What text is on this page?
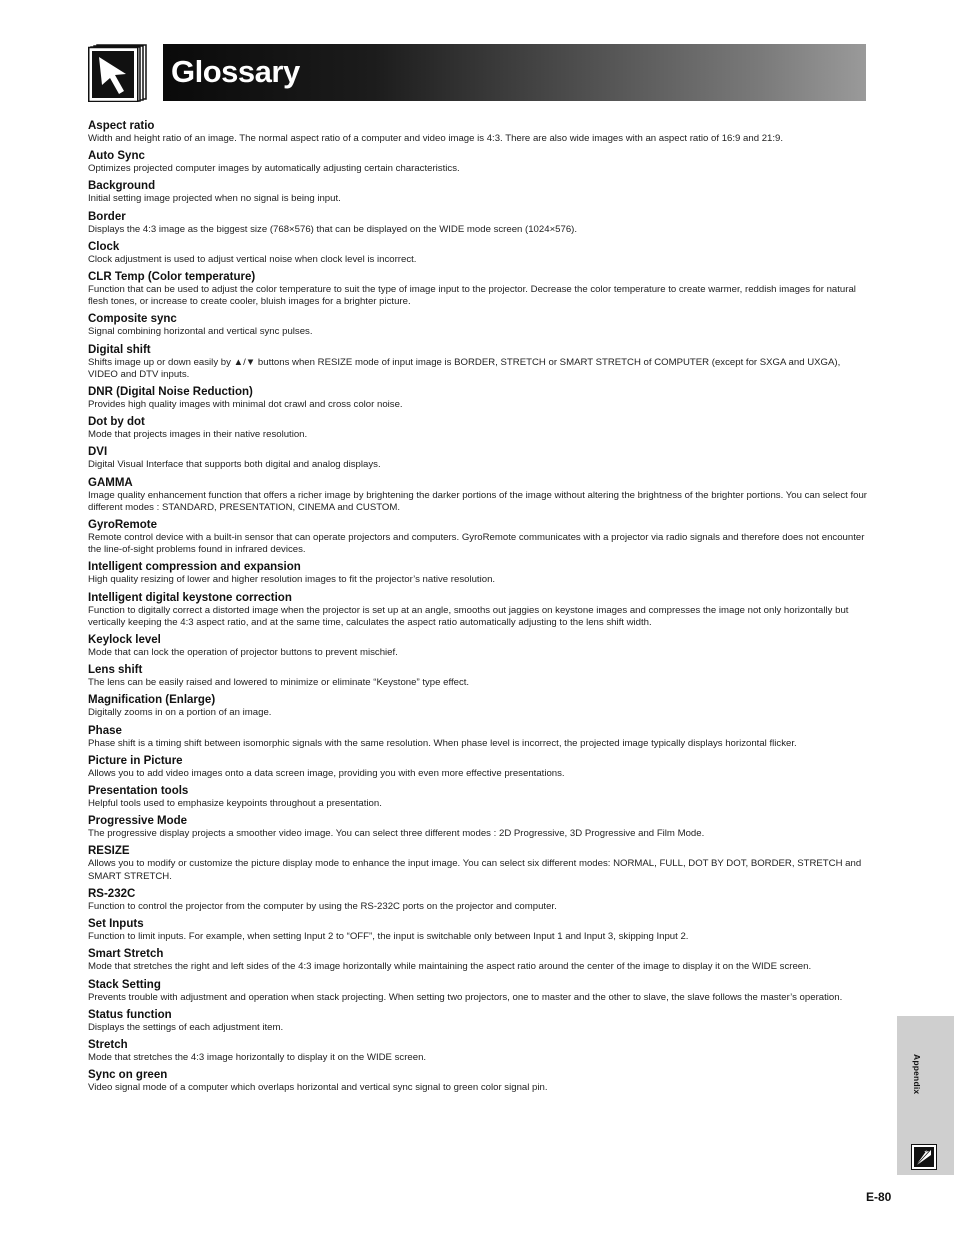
Glossary
Aspect ratio

Width and height ratio of an image. The normal aspect ratio of a computer and video image is 4:3. There are also wide images with an aspect ratio of 16:9 and 21:9.

Auto Sync

Optimizes projected computer images by automatically adjusting certain characteristics.

Background

Initial setting image projected when no signal is being input.

Border

Displays the 4:3 image as the biggest size (768×576) that can be displayed on the WIDE mode screen (1024×576).

Clock

Clock adjustment is used to adjust vertical noise when clock level is incorrect.

CLR Temp (Color temperature)

Function that can be used to adjust the color temperature to suit the type of image input to the projector. Decrease the color temperature to create warmer, reddish images for natural flesh tones, or increase to create cooler, bluish images for a brighter picture.

Composite sync

Signal combining horizontal and vertical sync pulses.

Digital shift

Shifts image up or down easily by ▲/▼ buttons when RESIZE mode of input image is BORDER, STRETCH or SMART STRETCH of COMPUTER (except for SXGA and UXGA), VIDEO and DTV inputs.

DNR (Digital Noise Reduction)

Provides high quality images with minimal dot crawl and cross color noise.

Dot by dot

Mode that projects images in their native resolution.

DVI

Digital Visual Interface that supports both digital and analog displays.

GAMMA

Image quality enhancement function that offers a richer image by brightening the darker portions of the image without altering the brightness of the brighter portions. You can select four different modes : STANDARD, PRESENTATION, CINEMA and CUSTOM.

GyroRemote

Remote control device with a built-in sensor that can operate projectors and computers. GyroRemote communicates with a projector via radio signals and therefore does not encounter the line-of-sight problems found in infrared devices.

Intelligent compression and expansion

High quality resizing of lower and higher resolution images to fit the projector’s native resolution.

Intelligent digital keystone correction

Function to digitally correct a distorted image when the projector is set up at an angle, smooths out jaggies on keystone images and compresses the image not only horizontally but vertically keeping the 4:3 aspect ratio, and at the same time, calculates the aspect ratio automatically adjusting to the lens shift width.

Keylock level

Mode that can lock the operation of projector buttons to prevent mischief.

Lens shift

The lens can be easily raised and lowered to minimize or eliminate “Keystone” type effect.

Magnification (Enlarge)

Digitally zooms in on a portion of an image.

Phase

Phase shift is a timing shift between isomorphic signals with the same resolution. When phase level is incorrect, the projected image typically displays horizontal flicker.

Picture in Picture

Allows you to add video images onto a data screen image, providing you with even more effective presentations.

Presentation tools

Helpful tools used to emphasize keypoints throughout a presentation.

Progressive Mode

The progressive display projects a smoother video image. You can select three different modes : 2D Progressive, 3D Progressive and Film Mode.

RESIZE

Allows you to modify or customize the picture display mode to enhance the input image. You can select six different modes: NORMAL, FULL, DOT BY DOT, BORDER, STRETCH and SMART STRETCH.

RS-232C

Function to control the projector from the computer by using the RS-232C ports on the projector and computer.

Set Inputs

Function to limit inputs. For example, when setting Input 2 to “OFF”, the input is switchable only between Input 1 and Input 3, skipping Input 2.

Smart Stretch

Mode that stretches the right and left sides of the 4:3 image horizontally while maintaining the aspect ratio around the center of the image to display it on the WIDE screen.

Stack Setting

Prevents trouble with adjustment and operation when stack projecting. When setting two projectors, one to master and the other to slave, the slave follows the master’s operation.

Status function

Displays the settings of each adjustment item.

Stretch

Mode that stretches the 4:3 image horizontally to display it on the WIDE screen.

Sync on green

Video signal mode of a computer which overlaps horizontal and vertical sync signal to green color signal pin.	Appendix
E-80
